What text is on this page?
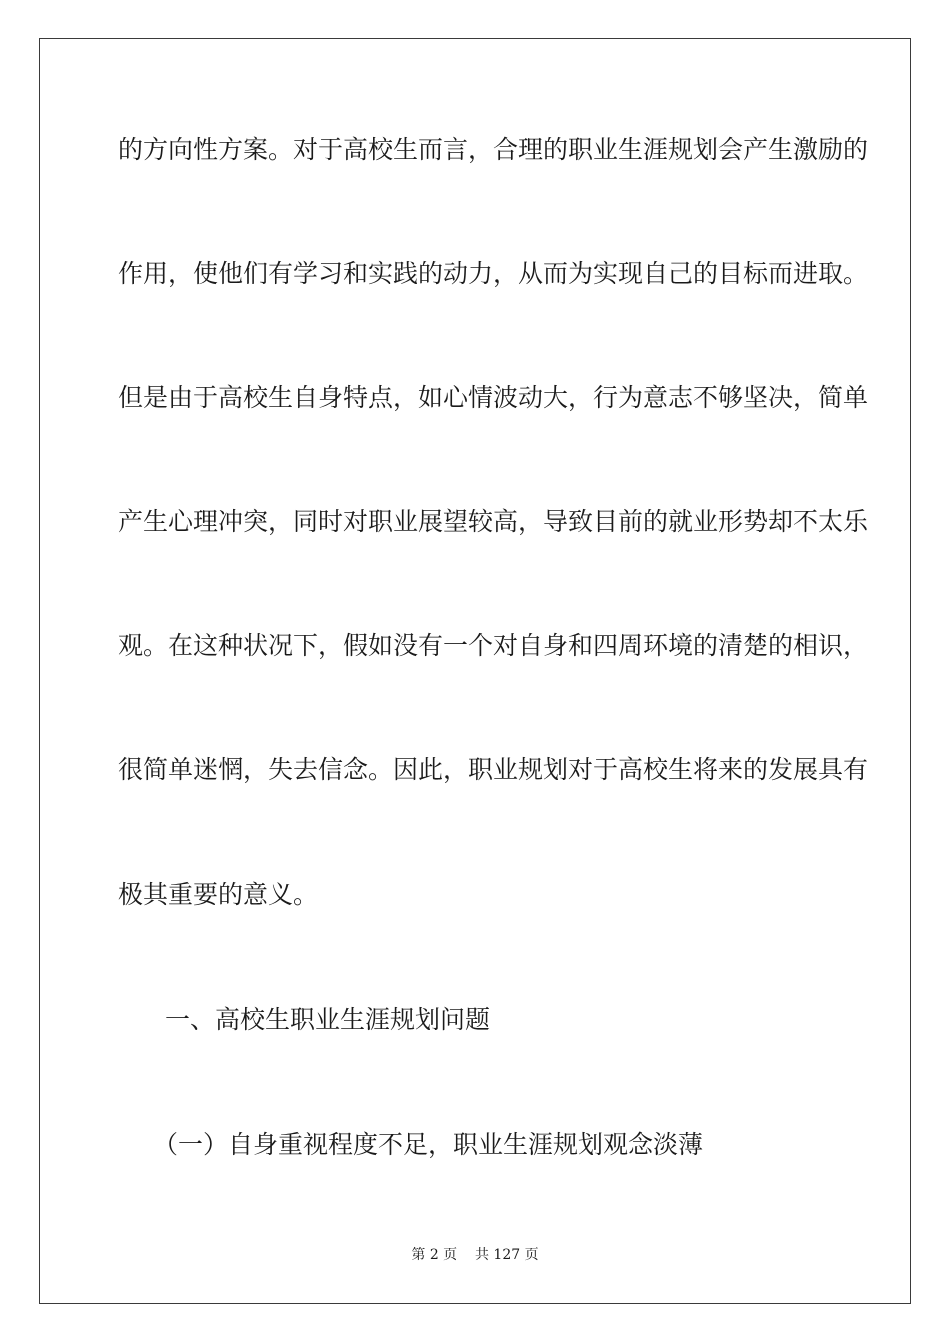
的方向性方案。对于高校生而言，合理的职业生涯规划会产生激励的
作用，使他们有学习和实践的动力，从而为实现自己的目标而进取。
但是由于高校生自身特点，如心情波动大，行为意志不够坚决，简单
产生心理冲突，同时对职业展望较高，导致目前的就业形势却不太乐
观。在这种状况下，假如没有一个对自身和四周环境的清楚的相识，
很简单迷惘，失去信念。因此，职业规划对于高校生将来的发展具有
极其重要的意义。
一、高校生职业生涯规划问题
（一）自身重视程度不足，职业生涯规划观念淡薄
第 2 页    共 127 页
